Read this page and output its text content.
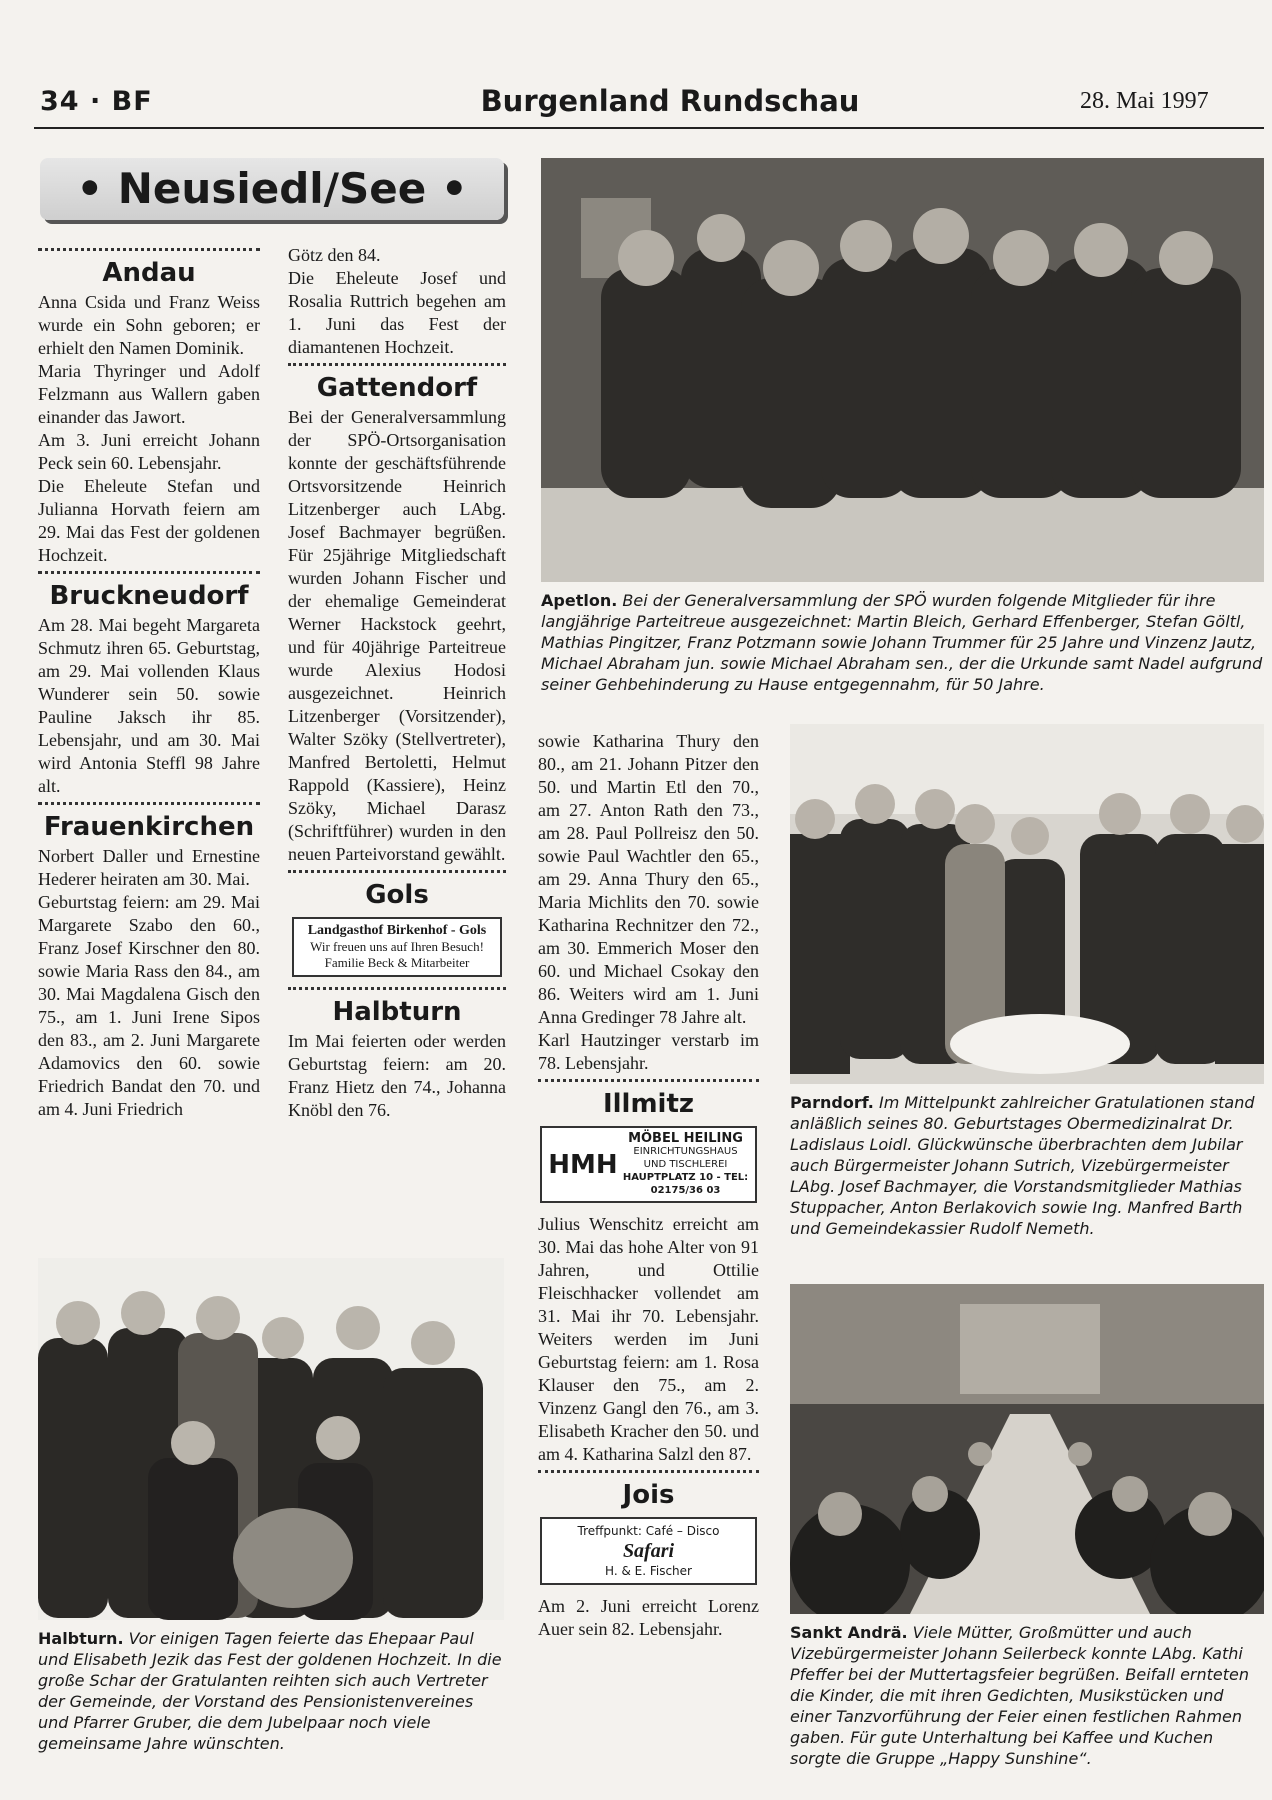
34 · BF	Burgenland Rundschau	28. Mai 1997
• Neusiedl/See •
Andau

Anna Csida und Franz Weiss wurde ein Sohn geboren; er erhielt den Namen Dominik.

Maria Thyringer und Adolf Felzmann aus Wallern gaben einander das Jawort.

Am 3. Juni erreicht Johann Peck sein 60. Lebensjahr.

Die Eheleute Stefan und Julianna Horvath feiern am 29. Mai das Fest der goldenen Hochzeit.

Bruckneudorf

Am 28. Mai begeht Margareta Schmutz ihren 65. Geburtstag, am 29. Mai vollenden Klaus Wunderer sein 50. sowie Pauline Jaksch ihr 85. Lebensjahr, und am 30. Mai wird Antonia Steffl 98 Jahre alt.

Frauenkirchen

Norbert Daller und Ernestine Hederer heiraten am 30. Mai.

Geburtstag feiern: am 29. Mai Margarete Szabo den 60., Franz Josef Kirschner den 80. sowie Maria Rass den 84., am 30. Mai Magdalena Gisch den 75., am 1. Juni Irene Sipos den 83., am 2. Juni Margarete Adamovics den 60. sowie Friedrich Bandat den 70. und am 4. Juni Friedrich

Götz den 84.

Die Eheleute Josef und Rosalia Ruttrich begehen am 1. Juni das Fest der diamantenen Hochzeit.

Gattendorf

Bei der Generalversammlung der SPÖ-Ortsorganisation konnte der geschäftsführende Ortsvorsitzende Heinrich Litzenberger auch LAbg. Josef Bachmayer begrüßen. Für 25jährige Mitgliedschaft wurden Johann Fischer und der ehemalige Gemeinderat Werner Hackstock geehrt, und für 40jährige Parteitreue wurde Alexius Hodosi ausgezeichnet. Heinrich Litzenberger (Vorsitzender), Walter Szöky (Stellvertreter), Manfred Bertoletti, Helmut Rappold (Kassiere), Heinz Szöky, Michael Darasz (Schriftführer) wurden in den neuen Parteivorstand gewählt.

Gols
Landgasthof Birkenhof - Gols
Wir freuen uns auf Ihren Besuch!
Familie Beck & Mitarbeiter
Halbturn

Im Mai feierten oder werden Geburtstag feiern: am 20. Franz Hietz den 74., Johanna Knöbl den 76.

Apetlon. Bei der Generalversammlung der SPÖ wurden folgende Mitglieder für ihre langjährige Parteitreue ausgezeichnet: Martin Bleich, Gerhard Effenberger, Stefan Göltl, Mathias Pingitzer, Franz Potzmann sowie Johann Trummer für 25 Jahre und Vinzenz Jautz, Michael Abraham jun. sowie Michael Abraham sen., der die Urkunde samt Nadel aufgrund seiner Gehbehinderung zu Hause entgegennahm, für 50 Jahre.

sowie Katharina Thury den 80., am 21. Johann Pitzer den 50. und Martin Etl den 70., am 27. Anton Rath den 73., am 28. Paul Pollreisz den 50. sowie Paul Wachtler den 65., am 29. Anna Thury den 65., Maria Michlits den 70. sowie Katharina Rechnitzer den 72., am 30. Emmerich Moser den 60. und Michael Csokay den 86. Weiters wird am 1. Juni Anna Gredinger 78 Jahre alt.

Karl Hautzinger verstarb im 78. Lebensjahr.

Illmitz
HMH
MÖBEL HEILING
EINRICHTUNGSHAUS
UND TISCHLEREI
HAUPTPLATZ 10 - TEL: 02175/36 03

Julius Wenschitz erreicht am 30. Mai das hohe Alter von 91 Jahren, und Ottilie Fleischhacker vollendet am 31. Mai ihr 70. Lebensjahr. Weiters werden im Juni Geburtstag feiern: am 1. Rosa Klauser den 75., am 2. Vinzenz Gangl den 76., am 3. Elisabeth Kracher den 50. und am 4. Katharina Salzl den 87.

Jois
Treffpunkt: Café – Disco
Safari
H. & E. Fischer

Am 2. Juni erreicht Lorenz Auer sein 82. Lebensjahr.

Parndorf. Im Mittelpunkt zahlreicher Gratulationen stand anläßlich seines 80. Geburtstages Obermedizinalrat Dr. Ladislaus Loidl. Glückwünsche überbrachten dem Jubilar auch Bürgermeister Johann Sutrich, Vizebürgermeister LAbg. Josef Bachmayer, die Vorstandsmitglieder Mathias Stuppacher, Anton Berlakovich sowie Ing. Manfred Barth und Gemeindekassier Rudolf Nemeth.
Halbturn. Vor einigen Tagen feierte das Ehepaar Paul und Elisabeth Jezik das Fest der goldenen Hochzeit. In die große Schar der Gratulanten reihten sich auch Vertreter der Gemeinde, der Vorstand des Pensionistenvereines und Pfarrer Gruber, die dem Jubelpaar noch viele gemeinsame Jahre wünschten.
Sankt Andrä. Viele Mütter, Großmütter und auch Vizebürgermeister Johann Seilerbeck konnte LAbg. Kathi Pfeffer bei der Muttertagsfeier begrüßen. Beifall ernteten die Kinder, die mit ihren Gedichten, Musikstücken und einer Tanzvorführung der Feier einen festlichen Rahmen gaben. Für gute Unterhaltung bei Kaffee und Kuchen sorgte die Gruppe „Happy Sunshine“.
